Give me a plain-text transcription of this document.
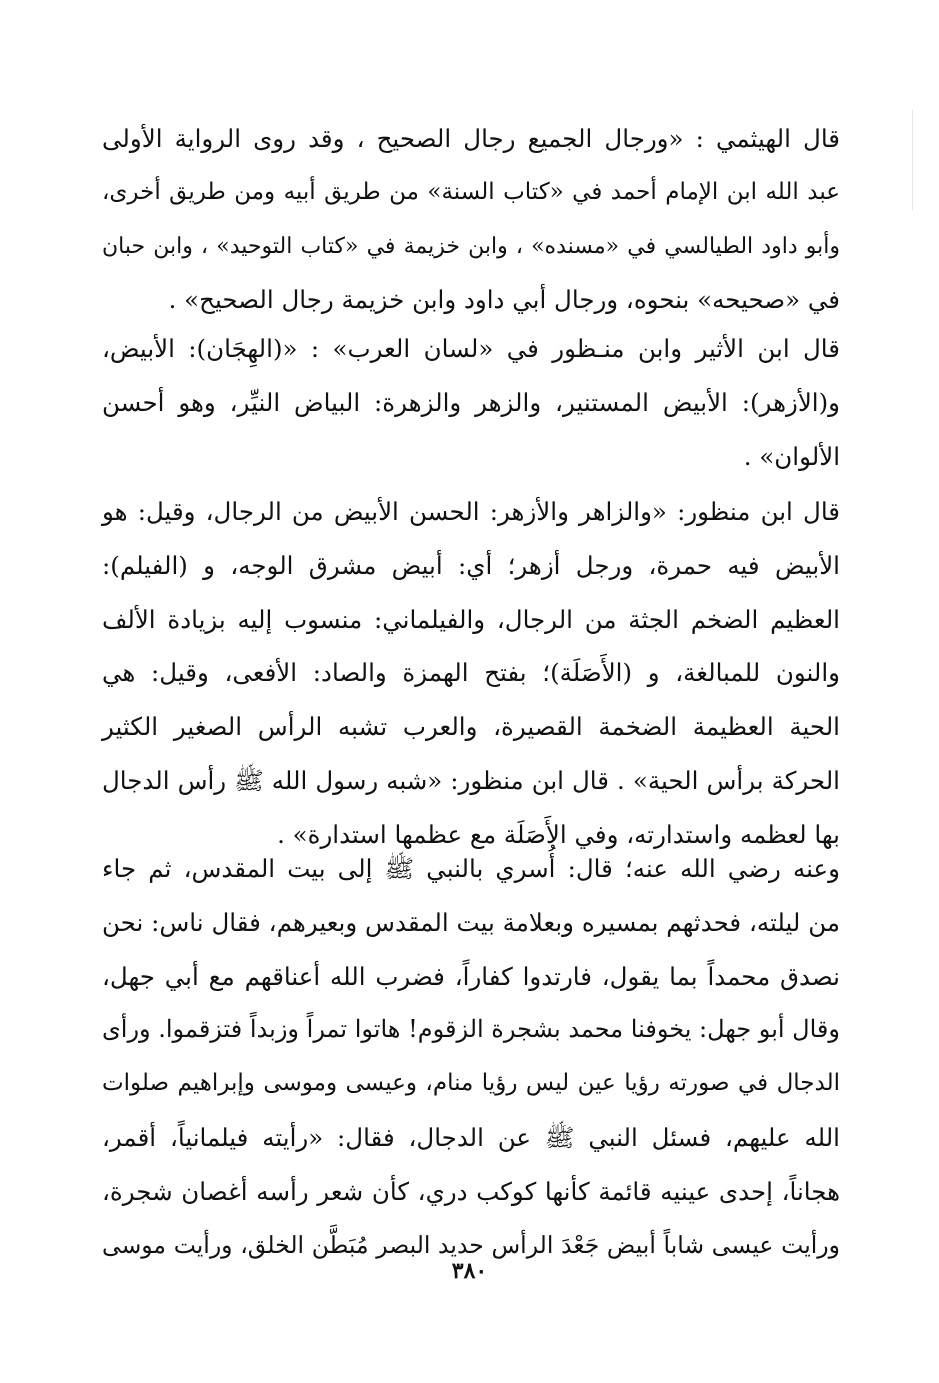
قال الهيثمي : «ورجال الجميع رجال الصحيح ، وقد روى الرواية الأولى
عبد الله ابن الإمام أحمد في «كتاب السنة» من طريق أبيه ومن طريق أخرى،
وأبو داود الطيالسي في «مسنده» ، وابن خزيمة في «كتاب التوحيد» ، وابن حبان
في «صحيحه» بنحوه، ورجال أبي داود وابن خزيمة رجال الصحيح» .
قال ابن الأثير وابن منـظور في «لسان العرب» : «(الهِجَان): الأبيض،
و(الأزهر): الأبيض المستنير، والزهر والزهرة: البياض النيِّر، وهو أحسن
الألوان» .
قال ابن منظور: «والزاهر والأزهر: الحسن الأبيض من الرجال، وقيل: هو
الأبيض فيه حمرة، ورجل أزهر؛ أي: أبيض مشرق الوجه، و (الفيلم):
العظيم الضخم الجثة من الرجال، والفيلماني: منسوب إليه بزيادة الألف
والنون للمبالغة، و (الأَصَلَة)؛ بفتح الهمزة والصاد: الأفعى، وقيل: هي
الحية العظيمة الضخمة القصيرة، والعرب تشبه الرأس الصغير الكثير
الحركة برأس الحية» . قال ابن منظور: «شبه رسول الله ﷺ رأس الدجال
بها لعظمه واستدارته، وفي الأَصَلَة مع عظمها استدارة» .
وعنه رضي الله عنه؛ قال: أُسري بالنبي ﷺ إلى بيت المقدس، ثم جاء
من ليلته، فحدثهم بمسيره وبعلامة بيت المقدس وبعيرهم، فقال ناس: نحن
نصدق محمداً بما يقول، فارتدوا كفاراً، فضرب الله أعناقهم مع أبي جهل،
وقال أبو جهل: يخوفنا محمد بشجرة الزقوم! هاتوا تمراً وزبداً فتزقموا. ورأى
الدجال في صورته رؤيا عين ليس رؤيا منام، وعيسى وموسى وإبراهيم صلوات
الله عليهم، فسئل النبي ﷺ عن الدجال، فقال: «رأيته فيلمانياً، أقمر،
هجاناً، إحدى عينيه قائمة كأنها كوكب دري، كأن شعر رأسه أغصان شجرة،
ورأيت عيسى شاباً أبيض جَعْدَ الرأس حديد البصر مُبَطَّن الخلق، ورأيت موسى
٣٨٠
